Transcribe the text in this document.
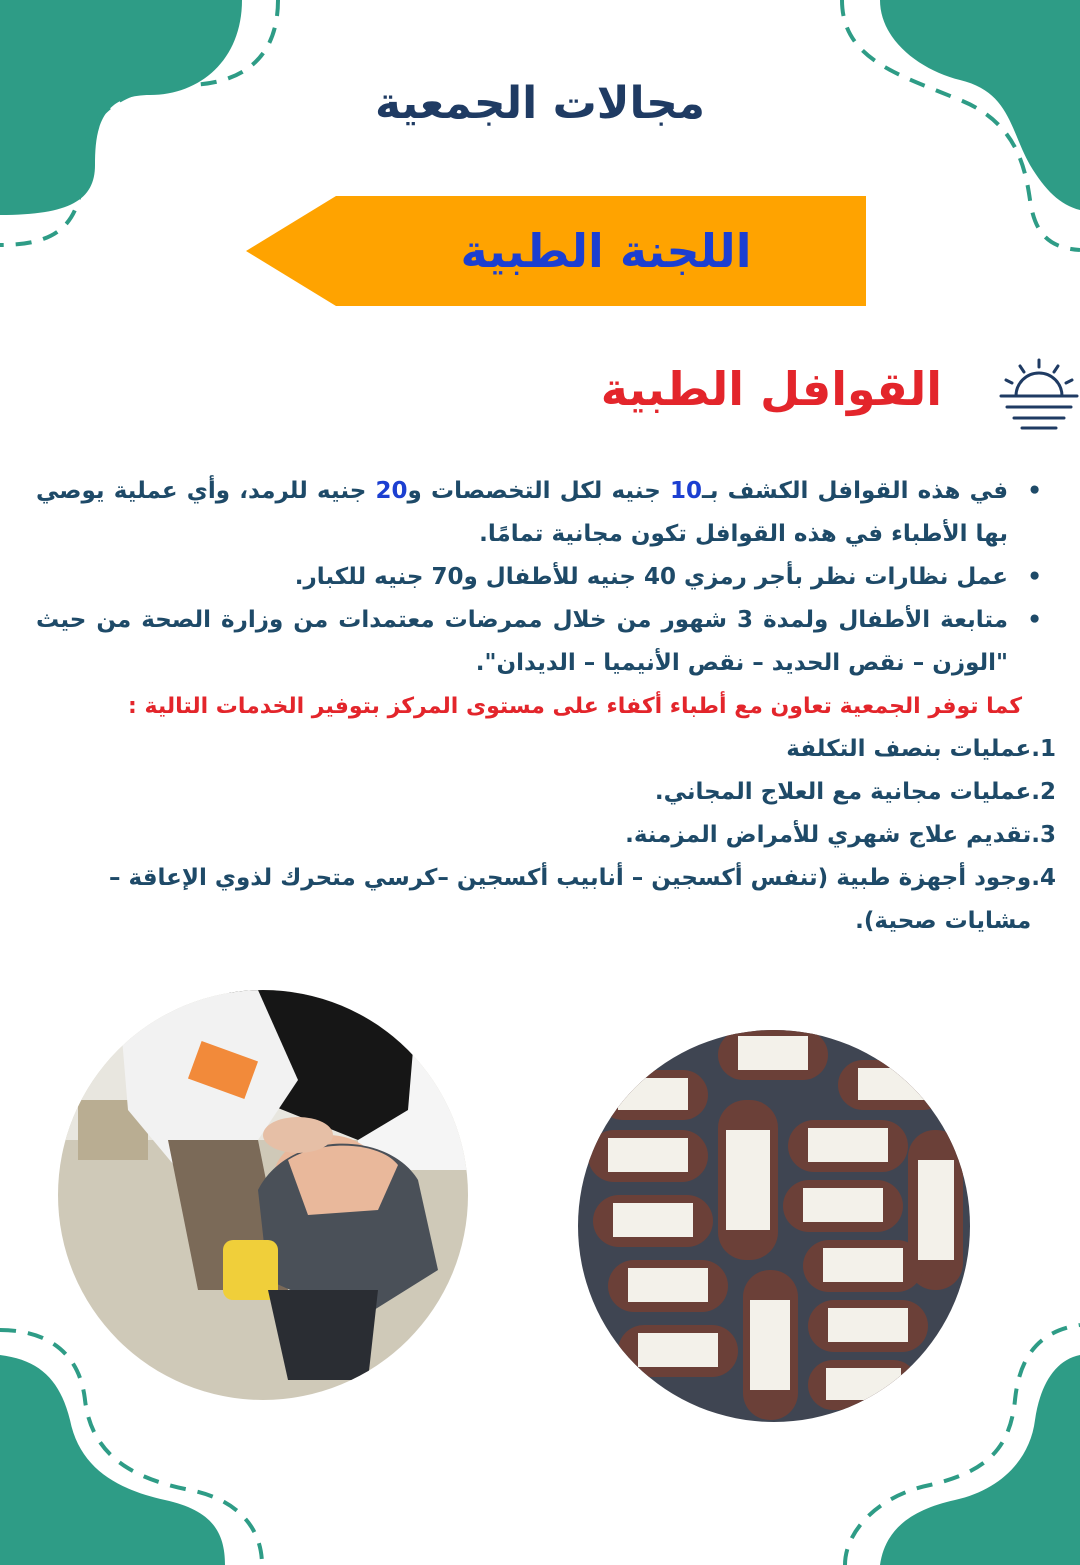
مجالات الجمعية
اللجنة الطبية
القوافل الطبية
• في هذه القوافل الكشف بـ10 جنيه لكل التخصصات و20 جنيه للرمد، وأي عملية يوصي بها الأطباء في هذه القوافل تكون مجانية تمامًا.
• عمل نظارات نظر بأجر رمزي 40 جنيه للأطفال و70 جنيه للكبار.
• متابعة الأطفال ولمدة 3 شهور من خلال ممرضات معتمدات من وزارة الصحة من حيث "الوزن – نقص الحديد – نقص الأنيميا – الديدان".

كما توفر الجمعية تعاون مع أطباء أكفاء على مستوى المركز بتوفير الخدمات التالية :

1.
عمليات بنصف التكلفة
2.
عمليات مجانية مع العلاج المجاني.
3.
تقديم علاج شهري للأمراض المزمنة.
4.
وجود أجهزة طبية (تنفس أكسجين – أنابيب أكسجين –كرسي متحرك لذوي الإعاقة – مشايات صحية).
